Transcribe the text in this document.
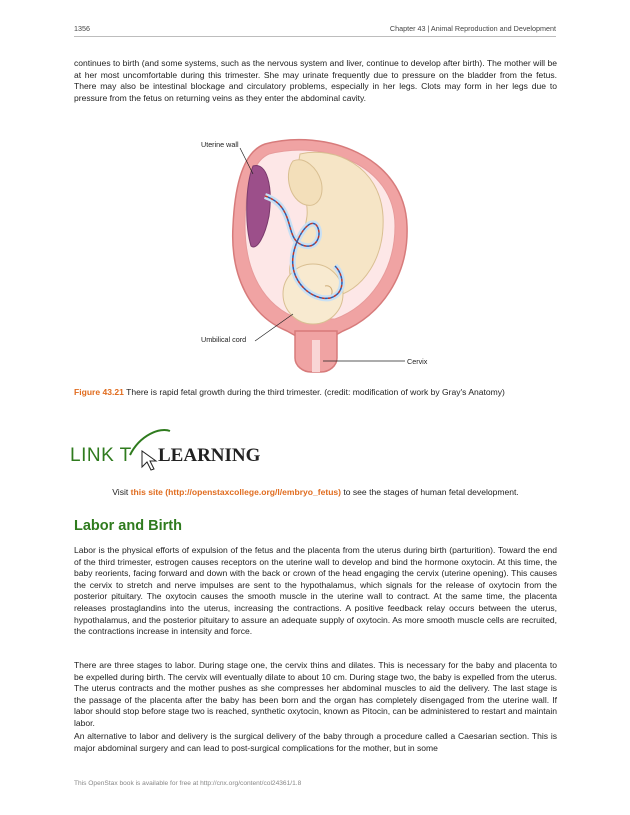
1356	Chapter 43 | Animal Reproduction and Development

continues to birth (and some systems, such as the nervous system and liver, continue to develop after birth). The mother will be at her most uncomfortable during this trimester. She may urinate frequently due to pressure on the bladder from the fetus. There may also be intestinal blockage and circulatory problems, especially in her legs. Clots may form in her legs due to pressure from the fetus on returning veins as they enter the abdominal cavity.

Uterine wall
Umbilical cord
Cervix
Figure 43.21 There is rapid fetal growth during the third trimester. (credit: modification of work by Gray's Anatomy)
LINK T LEARNING
Visit this site (http://openstaxcollege.org/l/embryo_fetus) to see the stages of human fetal development.
Labor and Birth

Labor is the physical efforts of expulsion of the fetus and the placenta from the uterus during birth (parturition). Toward the end of the third trimester, estrogen causes receptors on the uterine wall to develop and bind the hormone oxytocin. At this time, the baby reorients, facing forward and down with the back or crown of the head engaging the cervix (uterine opening). This causes the cervix to stretch and nerve impulses are sent to the hypothalamus, which signals for the release of oxytocin from the posterior pituitary. The oxytocin causes the smooth muscle in the uterine wall to contract. At the same time, the placenta releases prostaglandins into the uterus, increasing the contractions. A positive feedback relay occurs between the uterus, hypothalamus, and the posterior pituitary to assure an adequate supply of oxytocin. As more smooth muscle cells are recruited, the contractions increase in intensity and force.

There are three stages to labor. During stage one, the cervix thins and dilates. This is necessary for the baby and placenta to be expelled during birth. The cervix will eventually dilate to about 10 cm. During stage two, the baby is expelled from the uterus. The uterus contracts and the mother pushes as she compresses her abdominal muscles to aid the delivery. The last stage is the passage of the placenta after the baby has been born and the organ has completely disengaged from the uterine wall. If labor should stop before stage two is reached, synthetic oxytocin, known as Pitocin, can be administered to restart and maintain labor.

An alternative to labor and delivery is the surgical delivery of the baby through a procedure called a Caesarian section. This is major abdominal surgery and can lead to post-surgical complications for the mother, but in some

This OpenStax book is available for free at http://cnx.org/content/col24361/1.8
